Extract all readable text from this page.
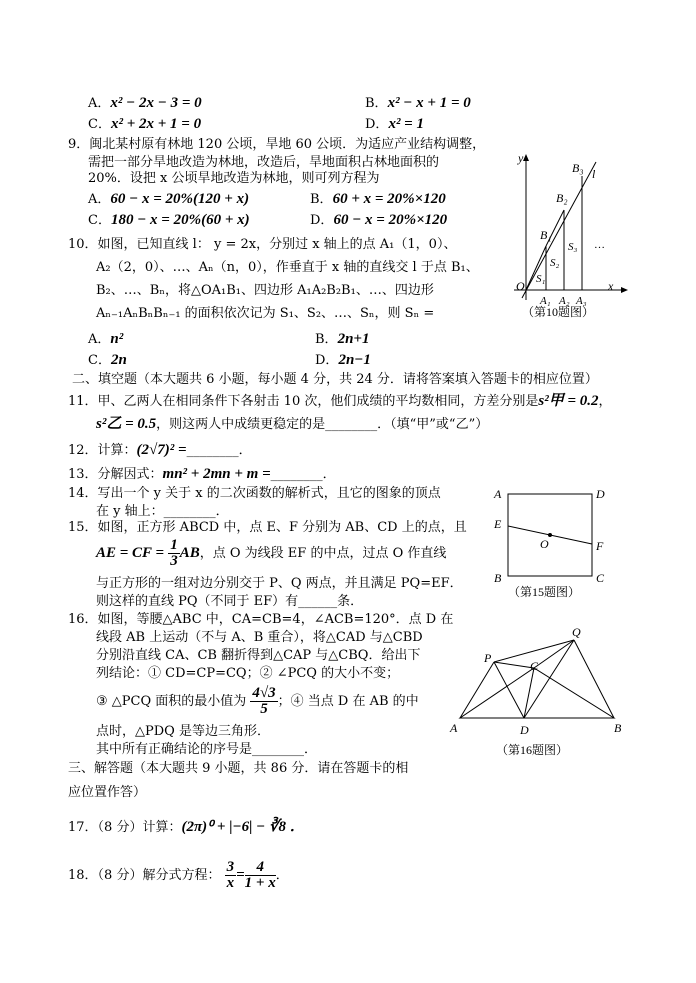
A．x² − 2x − 3 = 0	B．x² − x + 1 = 0
C．x² + 2x + 1 = 0	D．x² = 1
9．闽北某村原有林地 120 公顷，旱地 60 公顷．为适应产业结构调整，
需把一部分旱地改造为林地，改造后，旱地面积占林地面积的
20%．设把 x 公顷旱地改造为林地，则可列方程为
A．60 − x = 20%(120 + x)	B．60 + x = 20%×120
C．180 − x = 20%(60 + x)	D．60 − x = 20%×120
10．如图，已知直线 l： y = 2x，分别过 x 轴上的点 A₁（1，0）、
A₂（2，0）、…、Aₙ（n，0），作垂直于 x 轴的直线交 l 于点 B₁、
B₂、…、Bₙ，将△OA₁B₁、四边形 A₁A₂B₂B₁、…、四边形
Aₙ₋₁AₙBₙBₙ₋₁ 的面积依次记为 S₁、S₂、…、Sₙ，则 Sₙ =
A．n²	B．2n+1
C．2n	D．2n−1
y
x
O
l
B₁
B₂
B₃
A₁ A₂ A₃
S₁
S₂
S₃ …
（第10题图）
二、填空题（本大题共 6 小题，每小题 4 分，共 24 分．请将答案填入答题卡的相应位置）
11．甲、乙两人在相同条件下各射击 10 次，他们成绩的平均数相同，方差分别是s²甲 = 0.2，
s²乙 = 0.5，则这两人中成绩更稳定的是________．（填“甲”或“乙”）
12．计算：(2√7)² =________．
13．分解因式：mn² + 2mn + m =________．
14．写出一个 y 关于 x 的二次函数的解析式，且它的图象的顶点
在 y 轴上：________．
15．如图，正方形 ABCD 中，点 E、F 分别为 AB、CD 上的点，且
AE = CF = $\frac{1}{3}$ AB，点 O 为线段 EF 的中点，过点 O 作直线
与正方形的一组对边分别交于 P、Q 两点，并且满足 PQ=EF．
则这样的直线 PQ（不同于 EF）有______条．
A	D
B	C
E
F
O
（第15题图）
16．如图，等腰△ABC 中，CA=CB=4，∠ACB=120°．点 D 在
线段 AB 上运动（不与 A、B 重合），将△CAD 与△CBD
分别沿直线 CA、CB 翻折得到△CAP 与△CBQ．给出下
列结论：① CD=CP=CQ；② ∠PCQ 的大小不变；
③ △PCQ 面积的最小值为 $\frac{4√3}{5}$ ；④ 当点 D 在 AB 的中
点时，△PDQ 是等边三角形．
其中所有正确结论的序号是________．
A	B
C
D
P
Q
（第16题图）
三、解答题（本大题共 9 小题，共 86 分．请在答题卡的相
应位置作答）
17．（8 分）计算：(2π)⁰ + |−6| − ∛8 ．
18．（8 分）解分式方程： $\frac{3}{x} = \frac{4}{1 + x}$ ．
